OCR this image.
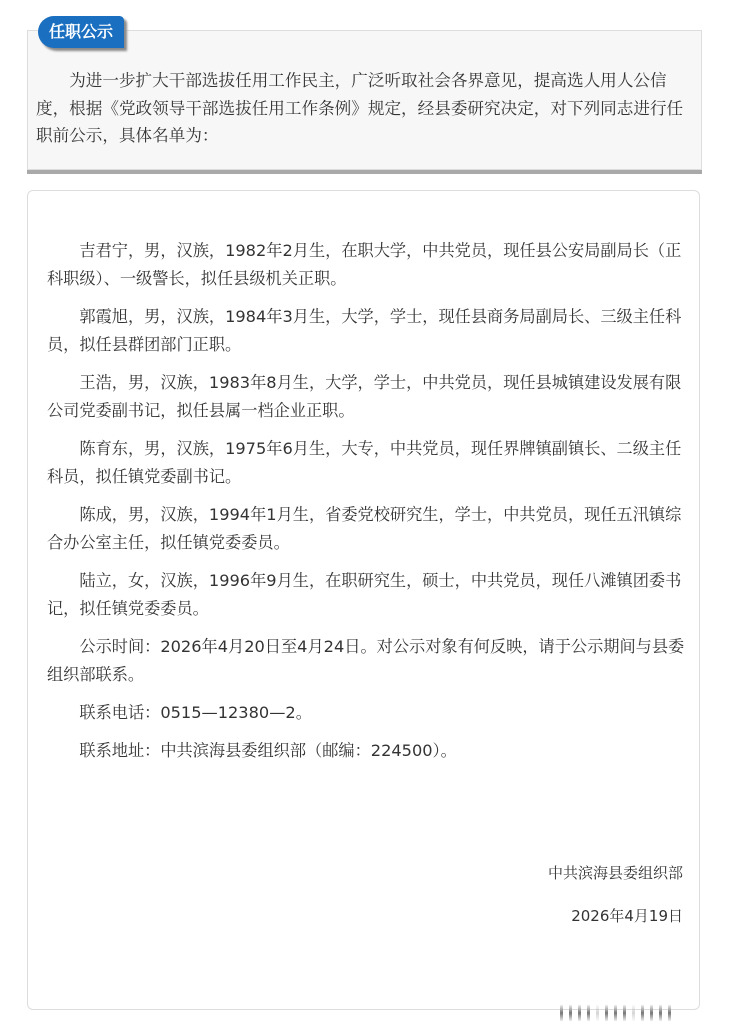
任职公示

为进一步扩大干部选拔任用工作民主，广泛听取社会各界意见，提高选人用人公信度，根据《党政领导干部选拔任用工作条例》规定，经县委研究决定，对下列同志进行任职前公示，具体名单为：

吉君宁，男，汉族，1982年2月生，在职大学，中共党员，现任县公安局副局长（正科职级）、一级警长，拟任县级机关正职。

郭霞旭，男，汉族，1984年3月生，大学，学士，现任县商务局副局长、三级主任科员，拟任县群团部门正职。

王浩，男，汉族，1983年8月生，大学，学士，中共党员，现任县城镇建设发展有限公司党委副书记，拟任县属一档企业正职。

陈育东，男，汉族，1975年6月生，大专，中共党员，现任界牌镇副镇长、二级主任科员，拟任镇党委副书记。

陈成，男，汉族，1994年1月生，省委党校研究生，学士，中共党员，现任五汛镇综合办公室主任，拟任镇党委委员。

陆立，女，汉族，1996年9月生，在职研究生，硕士，中共党员，现任八滩镇团委书记，拟任镇党委委员。

公示时间：2026年4月20日至4月24日。对公示对象有何反映，请于公示期间与县委组织部联系。

联系电话：0515—12380—2。

联系地址：中共滨海县委组织部（邮编：224500）。

中共滨海县委组织部
2026年4月19日
